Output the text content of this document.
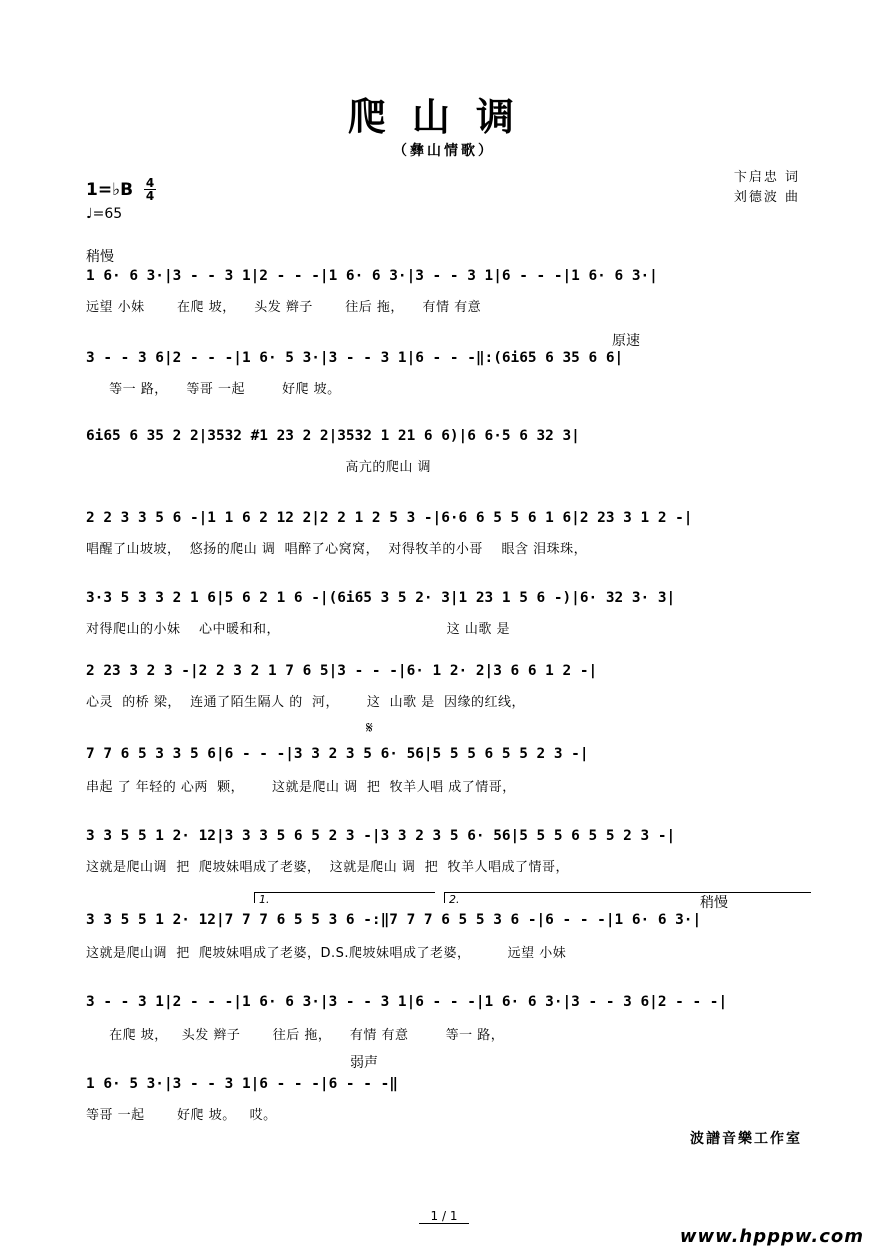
爬山调
（彝山情歌）
卞启忠 词
刘德波 曲
1=♭B 4
4
♩=65
稍慢
原速
𝄋
1.	2.	稍慢
弱声
1 6· 6 3·|3 - - 3 1|2 - - -|1 6· 6 3·|3 - - 3 1|6 - - -|1 6· 6 3·|
远望 小妹       在爬 坡，    头发 辫子       往后 拖，    有情 有意
3 - - 3 6|2 - - -|1 6· 5 3·|3 - - 3 1|6 - - -‖:(6i65 6 35 6 6|
等一 路，    等哥 一起        好爬 坡。
6i65 6 35 2 2|3532 #1 23 2 2|3532 1 21 6 6)|6 6·5 6 32 3|
高亢的爬山 调
2 2 3 3 5 6 -|1 1 6 2 12 2|2 2 1 2 5 3 -|6·6 6 5 5 6 1 6|2 23 3 1 2 -|
唱醒了山坡坡，  悠扬的爬山 调  唱醉了心窝窝，  对得牧羊的小哥    眼含 泪珠珠，
3·3 5 3 3 2 1 6|5 6 2 1 6 -|(6i65 3 5 2· 3|1 23 1 5 6 -)|6· 32 3· 3|
对得爬山的小妹    心中暖和和，                                    这 山歌 是
2 23 3 2 3 -|2 2 3 2 1 7 6 5|3 - - -|6· 1 2· 2|3 6 6 1 2 -|
心灵  的桥 梁，  连通了陌生隔人 的  河，      这  山歌 是  因缘的红线，
7 7 6 5 3 3 5 6|6 - - -|3 3 2 3 5 6· 56|5 5 5 6 5 5 2 3 -|
串起 了 年轻的 心两  颗，      这就是爬山 调  把  牧羊人唱 成了情哥，
3 3 5 5 1 2· 12|3 3 3 5 6 5 2 3 -|3 3 2 3 5 6· 56|5 5 5 6 5 5 2 3 -|
这就是爬山调  把  爬坡妹唱成了老婆，  这就是爬山 调  把  牧羊人唱成了情哥，
3 3 5 5 1 2· 12|7 7 7 6 5 5 3 6 -:‖7 7 7 6 5 5 3 6 -|6 - - -|1 6· 6 3·|
这就是爬山调  把  爬坡妹唱成了老婆，D.S.爬坡妹唱成了老婆，        远望 小妹
3 - - 3 1|2 - - -|1 6· 6 3·|3 - - 3 1|6 - - -|1 6· 6 3·|3 - - 3 6|2 - - -|
在爬 坡，   头发 辫子       往后 拖，    有情 有意        等一 路，
1 6· 5 3·|3 - - 3 1|6 - - -|6 - - -‖
等哥 一起       好爬 坡。   哎。
波譜音樂工作室
1 / 1
www.hpppw.com
